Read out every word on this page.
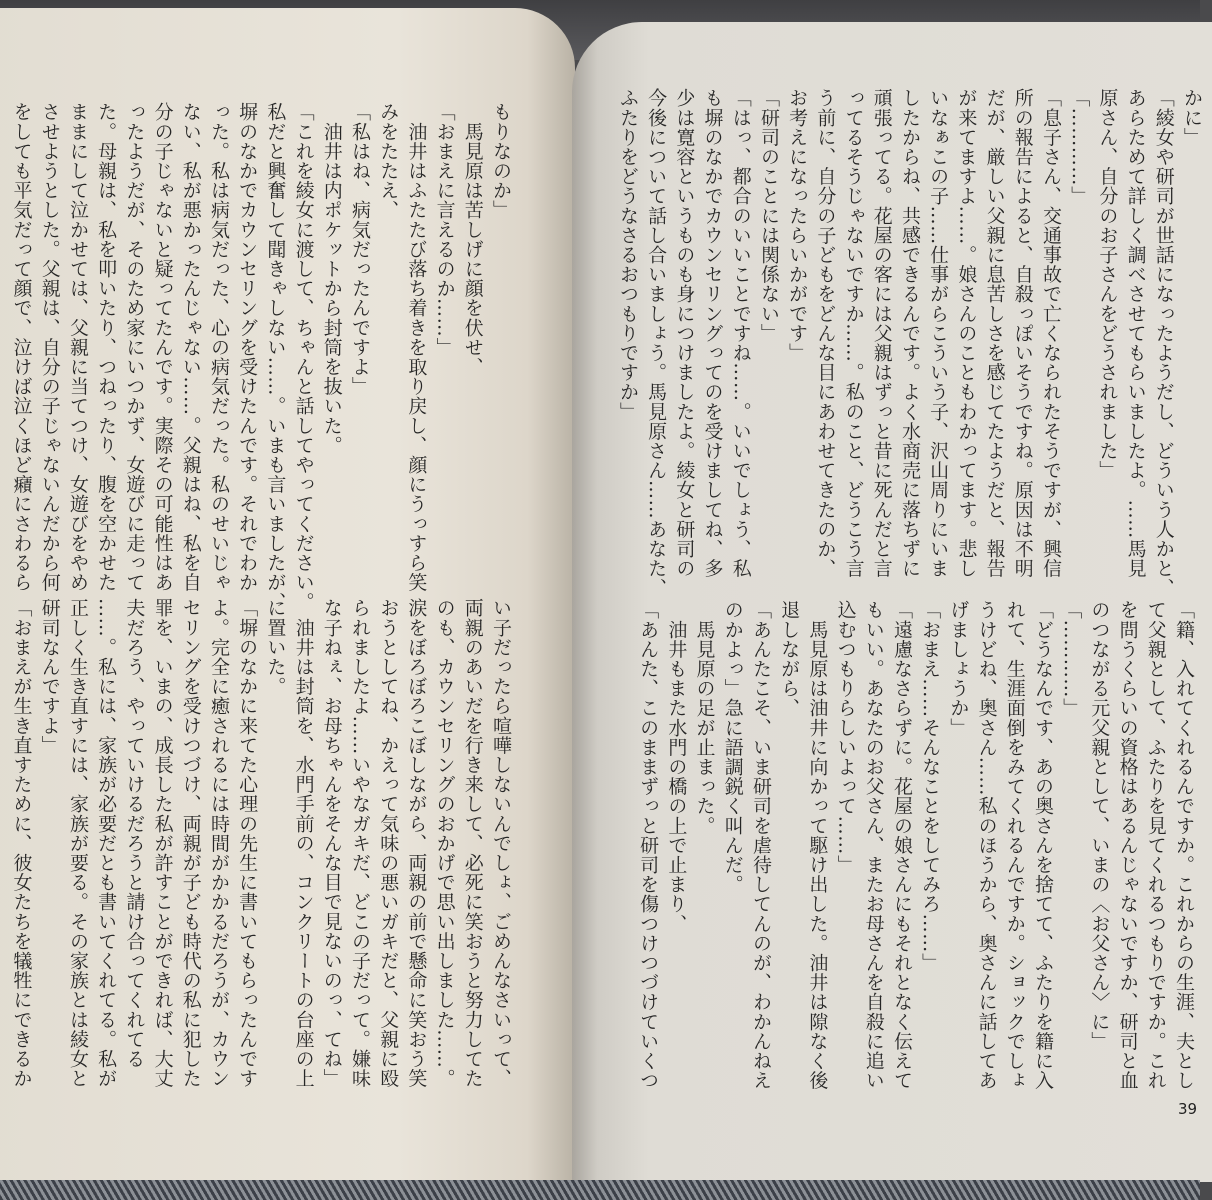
もりなのか」
　馬見原は苦しげに顔を伏せ、
「おまえに言えるのか……」
　油井はふたたび落ち着きを取り戻し、顔にうっすら笑
みをたたえ、
「私はね、病気だったんですよ」
　油井は内ポケットから封筒を抜いた。
「これを綾女に渡して、ちゃんと話してやってください。
私だと興奮して聞きゃしない……。いまも言いましたが、
塀のなかでカウンセリングを受けたんです。それでわか
った。私は病気だった、心の病気だった。私のせいじゃ
ない、私が悪かったんじゃない……。父親はね、私を自
分の子じゃないと疑ってたんです。実際その可能性はあ
ったようだが、そのため家にいつかず、女遊びに走って
た。母親は、私を叩いたり、つねったり、腹を空かせた
ままにして泣かせては、父親に当てつけ、女遊びをやめ
させようとした。父親は、自分の子じゃないんだから何
をしても平気だって顔で、泣けば泣くほど癪にさわるら
い子だったら喧嘩しないんでしょ、ごめんなさいって、
両親のあいだを行き来して、必死に笑おうと努力してた
のも、カウンセリングのおかげで思い出しました……。
涙をぼろぼろこぼしながら、両親の前で懸命に笑おう笑
おうとしてね、かえって気味の悪いガキだと、父親に殴
られましたよ……いやなガキだ、どこの子だって。嫌味
な子ねぇ、お母ちゃんをそんな目で見ないのっ、てね」
　油井は封筒を、水門手前の、コンクリートの台座の上
に置いた。
「塀のなかに来てた心理の先生に書いてもらったんです
よ。完全に癒されるには時間がかかるだろうが、カウン
セリングを受けつづけ、両親が子ども時代の私に犯した
罪を、いまの、成長した私が許すことができれば、大丈
夫だろう、やっていけるだろうと請け合ってくれてる
……。私には、家族が必要だとも書いてくれてる。私が
正しく生き直すには、家族が要る。その家族とは綾女と
研司なんですよ」
「おまえが生き直すために、彼女たちを犠牲にできるか
かに」
「綾女や研司が世話になったようだし、どういう人かと、
あらためて詳しく調べさせてもらいましたよ。……馬見
原さん、自分のお子さんをどうされました」
「…………」
「息子さん、交通事故で亡くなられたそうですが、興信
所の報告によると、自殺っぽいそうですね。原因は不明
だが、厳しい父親に息苦しさを感じてたようだと、報告
が来てますよ……。娘さんのこともわかってます。悲し
いなぁこの子……仕事がらこういう子、沢山周りにいま
したからね、共感できるんです。よく水商売に落ちずに
頑張ってる。花屋の客には父親はずっと昔に死んだと言
ってるそうじゃないですか……。私のこと、どうこう言
う前に、自分の子どもをどんな目にあわせてきたのか、
お考えになったらいかがです」
「研司のことには関係ない」
「はっ、都合のいいことですね……。いいでしょう、私
も塀のなかでカウンセリングってのを受けましてね、多
少は寛容というものも身につけましたよ。綾女と研司の
今後について話し合いましょう。馬見原さん……あなた、
ふたりをどうなさるおつもりですか」
「籍、入れてくれるんですか。これからの生涯、夫とし
て父親として、ふたりを見てくれるつもりですか。これ
を問うくらいの資格はあるんじゃないですか、研司と血
のつながる元父親として、いまの〈お父さん〉に」
「…………」
「どうなんです、あの奥さんを捨てて、ふたりを籍に入
れて、生涯面倒をみてくれるんですか。ショックでしょ
うけどね、奥さん……私のほうから、奥さんに話してあ
げましょうか」
「おまえ……そんなことをしてみろ……」
「遠慮なさらずに。花屋の娘さんにもそれとなく伝えて
もいい。あなたのお父さん、またお母さんを自殺に追い
込むつもりらしいよって……」
　馬見原は油井に向かって駆け出した。油井は隙なく後
退しながら、
「あんたこそ、いま研司を虐待してんのが、わかんねえ
のかよっ」急に語調鋭く叫んだ。
　馬見原の足が止まった。
　油井もまた水門の橋の上で止まり、
「あんた、このままずっと研司を傷つけつづけていくつ
39
